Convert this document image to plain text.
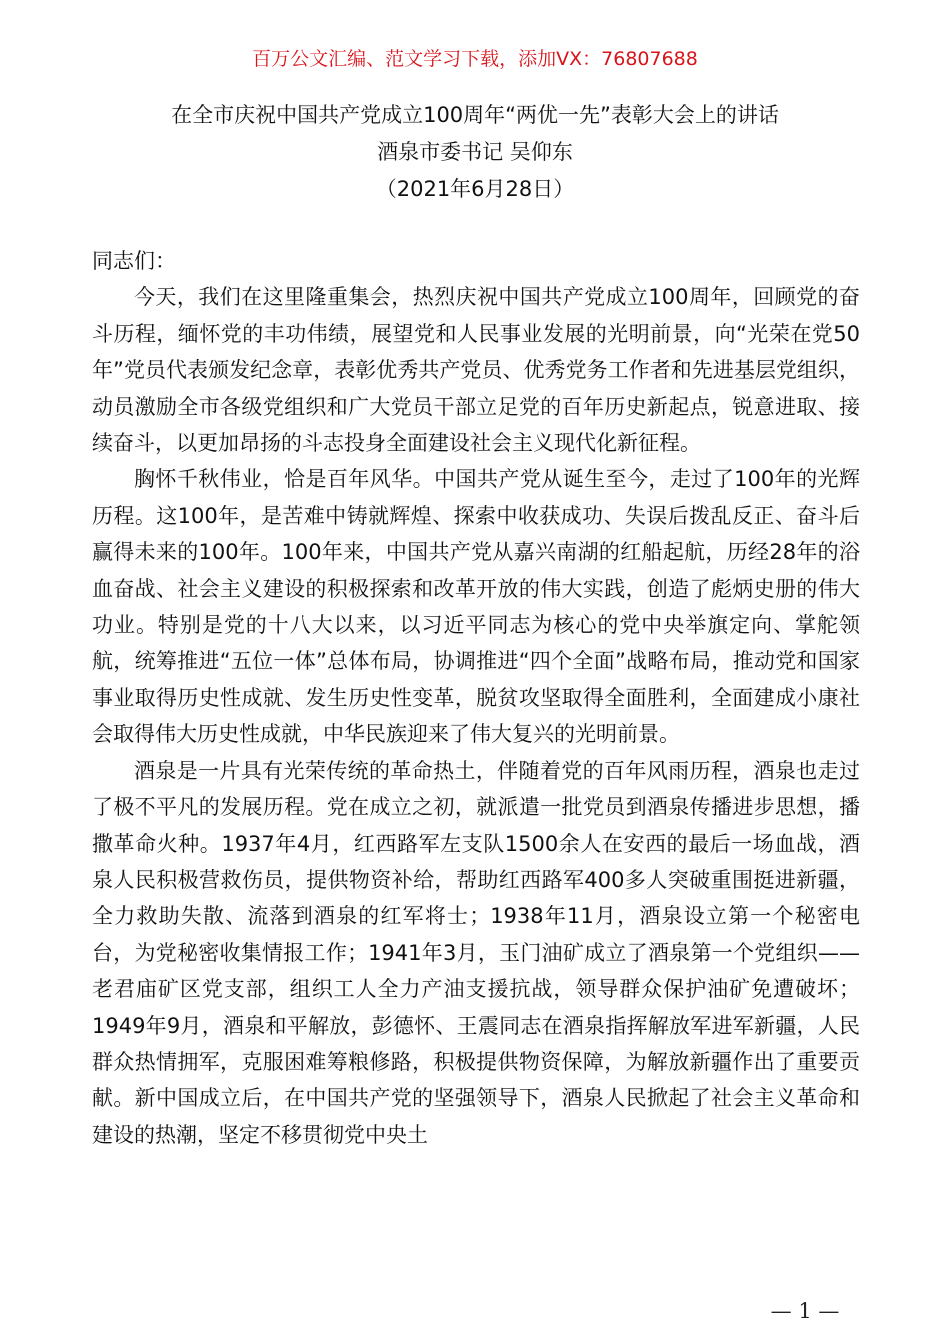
百万公文汇编、范文学习下载，添加VX：76807688
在全市庆祝中国共产党成立100周年“两优一先”表彰大会上的讲话
酒泉市委书记 吴仰东
（2021年6月28日）

同志们：

今天，我们在这里隆重集会，热烈庆祝中国共产党成立100周年，回顾党的奋斗历程，缅怀党的丰功伟绩，展望党和人民事业发展的光明前景，向“光荣在党50年”党员代表颁发纪念章，表彰优秀共产党员、优秀党务工作者和先进基层党组织，动员激励全市各级党组织和广大党员干部立足党的百年历史新起点，锐意进取、接续奋斗，以更加昂扬的斗志投身全面建设社会主义现代化新征程。

胸怀千秋伟业，恰是百年风华。中国共产党从诞生至今，走过了100年的光辉历程。这100年，是苦难中铸就辉煌、探索中收获成功、失误后拨乱反正、奋斗后赢得未来的100年。100年来，中国共产党从嘉兴南湖的红船起航，历经28年的浴血奋战、社会主义建设的积极探索和改革开放的伟大实践，创造了彪炳史册的伟大功业。特别是党的十八大以来，以习近平同志为核心的党中央举旗定向、掌舵领航，统筹推进“五位一体”总体布局，协调推进“四个全面”战略布局，推动党和国家事业取得历史性成就、发生历史性变革，脱贫攻坚取得全面胜利，全面建成小康社会取得伟大历史性成就，中华民族迎来了伟大复兴的光明前景。

酒泉是一片具有光荣传统的革命热土，伴随着党的百年风雨历程，酒泉也走过了极不平凡的发展历程。党在成立之初，就派遣一批党员到酒泉传播进步思想，播撒革命火种。1937年4月，红西路军左支队1500余人在安西的最后一场血战，酒泉人民积极营救伤员，提供物资补给，帮助红西路军400多人突破重围挺进新疆，全力救助失散、流落到酒泉的红军将士；1938年11月，酒泉设立第一个秘密电台，为党秘密收集情报工作；1941年3月，玉门油矿成立了酒泉第一个党组织——老君庙矿区党支部，组织工人全力产油支援抗战，领导群众保护油矿免遭破坏；1949年9月，酒泉和平解放，彭德怀、王震同志在酒泉指挥解放军进军新疆，人民群众热情拥军，克服困难筹粮修路，积极提供物资保障，为解放新疆作出了重要贡献。新中国成立后，在中国共产党的坚强领导下，酒泉人民掀起了社会主义革命和建设的热潮，坚定不移贯彻党中央土

— 1 —
